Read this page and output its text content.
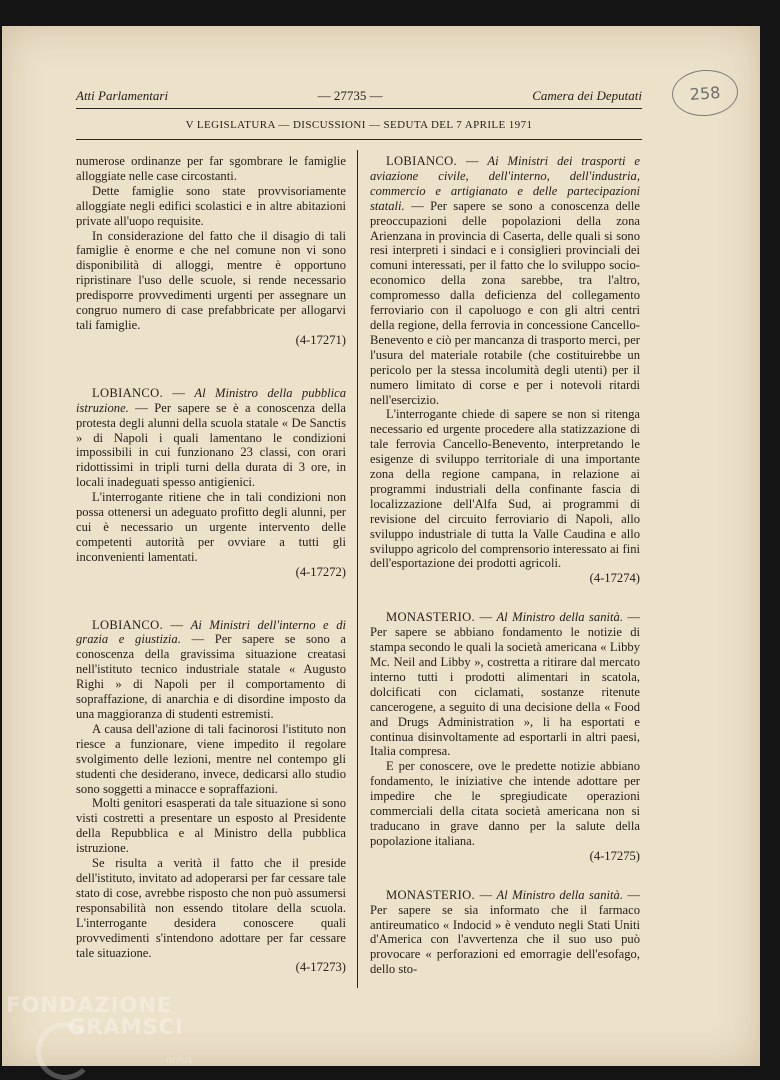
258
Atti Parlamentari	— 27735 —	Camera dei Deputati
V LEGISLATURA — DISCUSSIONI — SEDUTA DEL 7 APRILE 1971

numerose ordinanze per far sgombrare le famiglie alloggiate nelle case circostanti.

Dette famiglie sono state provvisoriamente alloggiate negli edifici scolastici e in altre abitazioni private all'uopo requisite.

In considerazione del fatto che il disagio di tali famiglie è enorme e che nel comune non vi sono disponibilità di alloggi, mentre è opportuno ripristinare l'uso delle scuole, si rende necessario predisporre provvedimenti urgenti per assegnare un congruo numero di case prefabbricate per allogarvi tali famiglie.

(4-17271)

LOBIANCO. — Al Ministro della pubblica istruzione. — Per sapere se è a conoscenza della protesta degli alunni della scuola statale « De Sanctis » di Napoli i quali lamentano le condizioni impossibili in cui funzionano 23 classi, con orari ridottissimi in tripli turni della durata di 3 ore, in locali inadeguati spesso antigienici.

L'interrogante ritiene che in tali condizioni non possa ottenersi un adeguato profitto degli alunni, per cui è necessario un urgente intervento delle competenti autorità per ovviare a tutti gli inconvenienti lamentati.

(4-17272)

LOBIANCO. — Ai Ministri dell'interno e di grazia e giustizia. — Per sapere se sono a conoscenza della gravissima situazione creatasi nell'istituto tecnico industriale statale « Augusto Righi » di Napoli per il comportamento di sopraffazione, di anarchia e di disordine imposto da una maggioranza di studenti estremisti.

A causa dell'azione di tali facinorosi l'istituto non riesce a funzionare, viene impedito il regolare svolgimento delle lezioni, mentre nel contempo gli studenti che desiderano, invece, dedicarsi allo studio sono soggetti a minacce e sopraffazioni.

Molti genitori esasperati da tale situazione si sono visti costretti a presentare un esposto al Presidente della Repubblica e al Ministro della pubblica istruzione.

Se risulta a verità il fatto che il preside dell'istituto, invitato ad adoperarsi per far cessare tale stato di cose, avrebbe risposto che non può assumersi responsabilità non essendo titolare della scuola. L'interrogante desidera conoscere quali provvedimenti s'intendono adottare per far cessare tale situazione.

(4-17273)

LOBIANCO. — Ai Ministri dei trasporti e aviazione civile, dell'interno, dell'industria, commercio e artigianato e delle partecipazioni statali. — Per sapere se sono a conoscenza delle preoccupazioni delle popolazioni della zona Arienzana in provincia di Caserta, delle quali si sono resi interpreti i sindaci e i consiglieri provinciali dei comuni interessati, per il fatto che lo sviluppo socio-economico della zona sarebbe, tra l'altro, compromesso dalla deficienza del collegamento ferroviario con il capoluogo e con gli altri centri della regione, della ferrovia in concessione Cancello-Benevento e ciò per mancanza di trasporto merci, per l'usura del materiale rotabile (che costituirebbe un pericolo per la stessa incolumità degli utenti) per il numero limitato di corse e per i notevoli ritardi nell'esercizio.

L'interrogante chiede di sapere se non si ritenga necessario ed urgente procedere alla statizzazione di tale ferrovia Cancello-Benevento, interpretando le esigenze di sviluppo territoriale di una importante zona della regione campana, in relazione ai programmi industriali della confinante fascia di localizzazione dell'Alfa Sud, ai programmi di revisione del circuito ferroviario di Napoli, allo sviluppo industriale di tutta la Valle Caudina e allo sviluppo agricolo del comprensorio interessato ai fini dell'esportazione dei prodotti agricoli.

(4-17274)

MONASTERIO. — Al Ministro della sanità. — Per sapere se abbiano fondamento le notizie di stampa secondo le quali la società americana « Libby Mc. Neil and Libby », costretta a ritirare dal mercato interno tutti i prodotti alimentari in scatola, dolcificati con ciclamati, sostanze ritenute cancerogene, a seguito di una decisione della « Food and Drugs Administration », li ha esportati e continua disinvoltamente ad esportarli in altri paesi, Italia compresa.

E per conoscere, ove le predette notizie abbiano fondamento, le iniziative che intende adottare per impedire che le spregiudicate operazioni commerciali della citata società americana non si traducano in grave danno per la salute della popolazione italiana.

(4-17275)

MONASTERIO. — Al Ministro della sanità. — Per sapere se sia informato che il farmaco antireumatico « Indocid » è venduto negli Stati Uniti d'America con l'avvertenza che il suo uso può provocare « perforazioni ed emorragie dell'esofago, dello sto-

FONDAZIONE
GRAMSCI
onlus
